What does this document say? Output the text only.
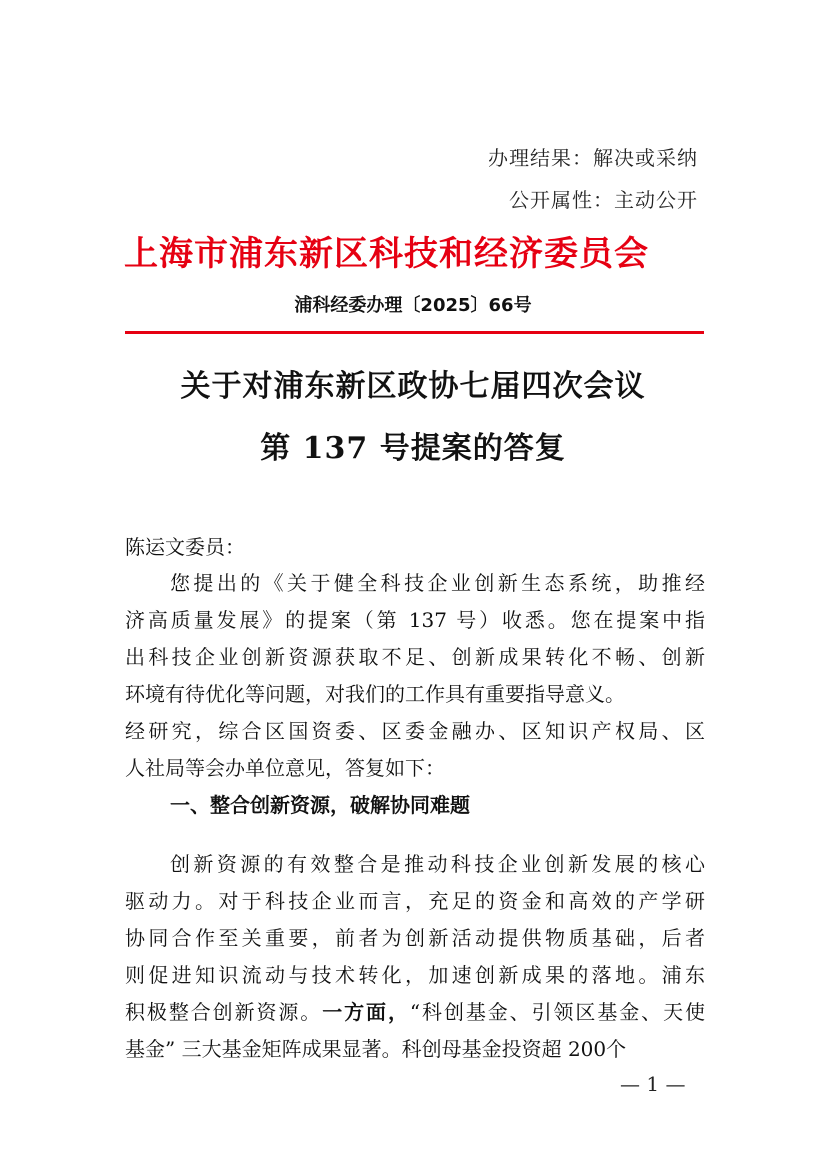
办理结果：解决或采纳
公开属性：主动公开
上海市浦东新区科技和经济委员会
浦科经委办理〔2025〕66号
关于对浦东新区政协七届四次会议
第 137 号提案的答复
陈运文委员：
您提出的《关于健全科技企业创新生态系统，助推经
济高质量发展》的提案（第 137 号）收悉。您在提案中指
出科技企业创新资源获取不足、创新成果转化不畅、创新
环境有待优化等问题，对我们的工作具有重要指导意义。
经研究，综合区国资委、区委金融办、区知识产权局、区
人社局等会办单位意见，答复如下：
一、整合创新资源，破解协同难题
创新资源的有效整合是推动科技企业创新发展的核心
驱动力。对于科技企业而言，充足的资金和高效的产学研
协同合作至关重要，前者为创新活动提供物质基础，后者
则促进知识流动与技术转化，加速创新成果的落地。浦东
积极整合创新资源。一方面，“科创基金、引领区基金、天使
基金” 三大基金矩阵成果显著。科创母基金投资超 200个
— 1 —
